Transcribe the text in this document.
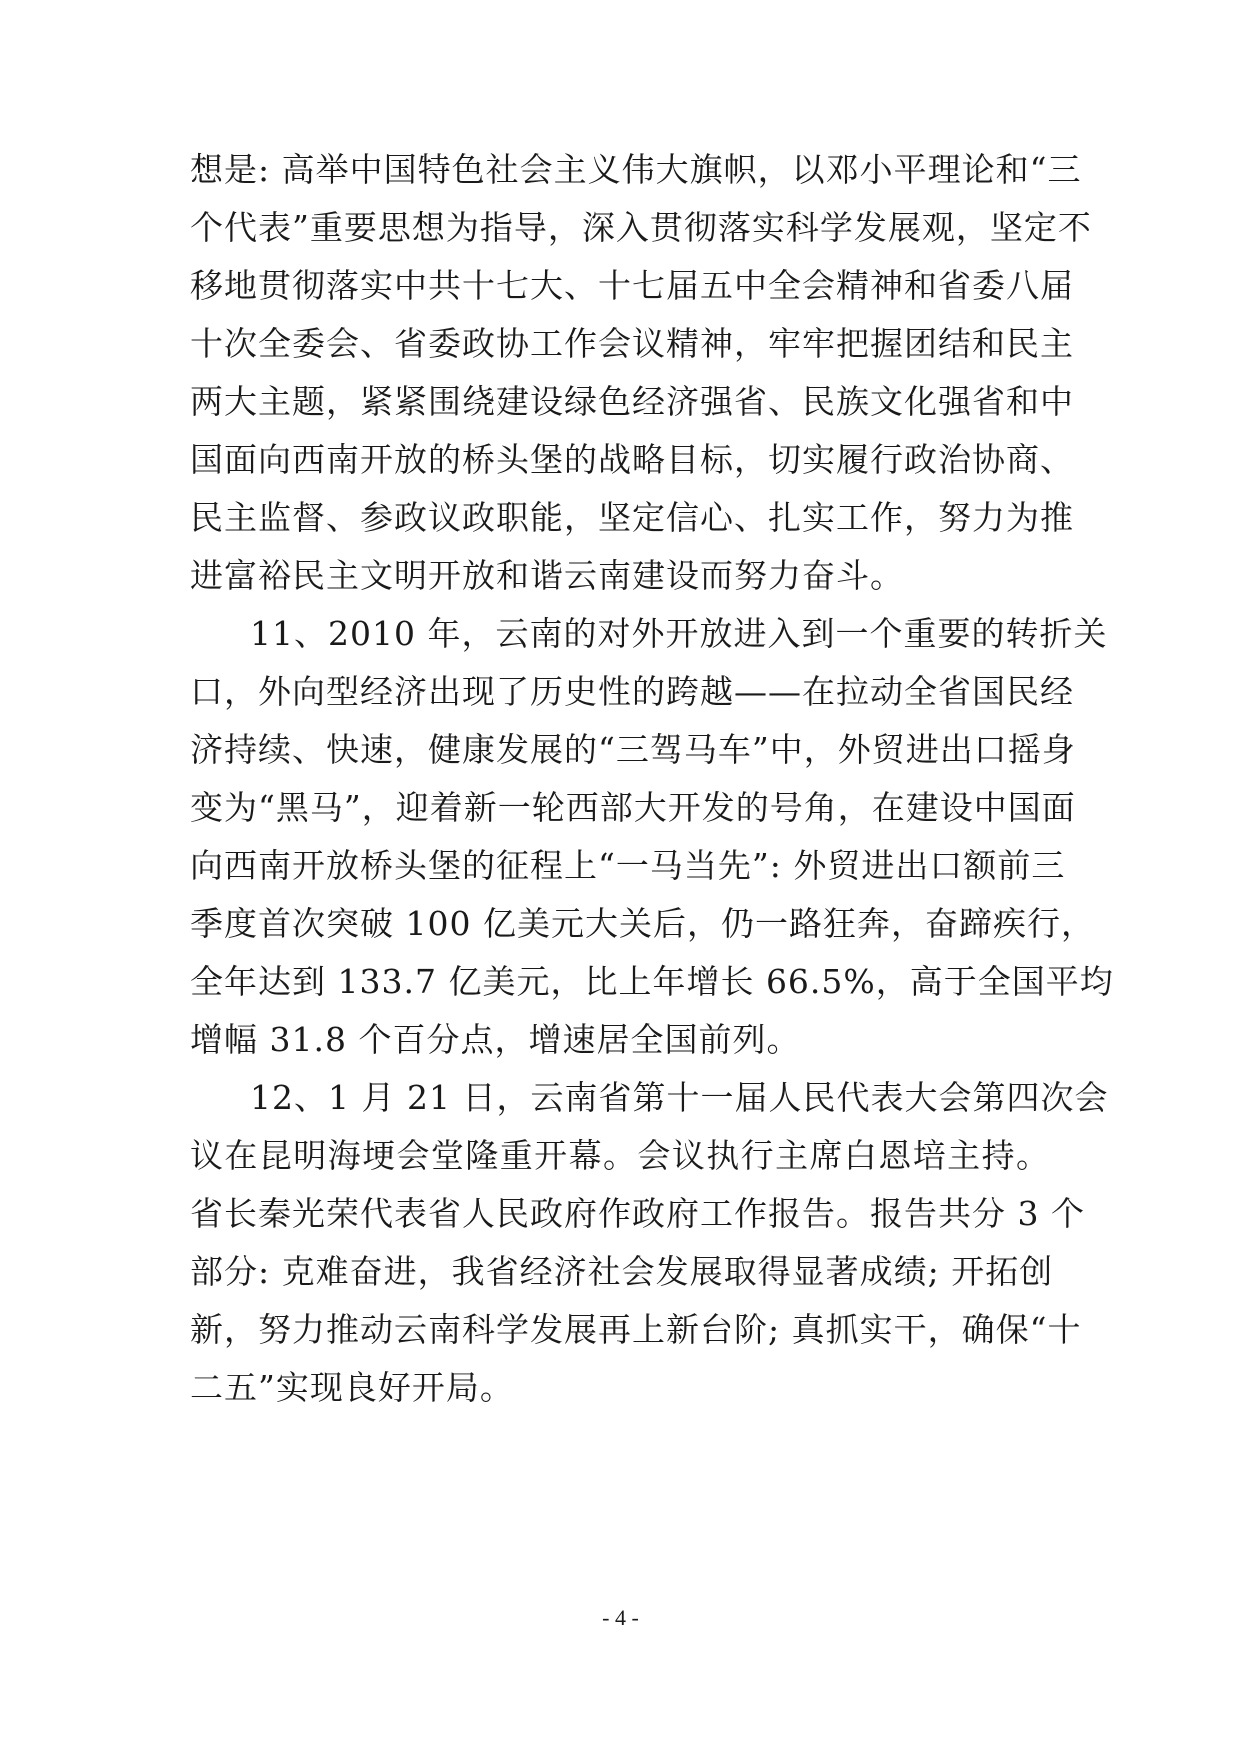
想是: 高举中国特色社会主义伟大旗帜，以邓小平理论和“三
个代表”重要思想为指导，深入贯彻落实科学发展观，坚定不
移地贯彻落实中共十七大、十七届五中全会精神和省委八届
十次全委会、省委政协工作会议精神，牢牢把握团结和民主
两大主题，紧紧围绕建设绿色经济强省、民族文化强省和中
国面向西南开放的桥头堡的战略目标，切实履行政治协商、
民主监督、参政议政职能，坚定信心、扎实工作，努力为推
进富裕民主文明开放和谐云南建设而努力奋斗。
11、2010 年，云南的对外开放进入到一个重要的转折关
口，外向型经济出现了历史性的跨越——在拉动全省国民经
济持续、快速，健康发展的“三驾马车”中，外贸进出口摇身
变为“黑马”，迎着新一轮西部大开发的号角，在建设中国面
向西南开放桥头堡的征程上“一马当先”: 外贸进出口额前三
季度首次突破 100 亿美元大关后，仍一路狂奔，奋蹄疾行，
全年达到 133.7 亿美元，比上年增长 66.5%，高于全国平均
增幅 31.8 个百分点，增速居全国前列。
12、1 月 21 日，云南省第十一届人民代表大会第四次会
议在昆明海埂会堂隆重开幕。会议执行主席白恩培主持。
省长秦光荣代表省人民政府作政府工作报告。报告共分 3 个
部分: 克难奋进，我省经济社会发展取得显著成绩; 开拓创
新，努力推动云南科学发展再上新台阶; 真抓实干，确保“十
二五”实现良好开局。
- 4 -
